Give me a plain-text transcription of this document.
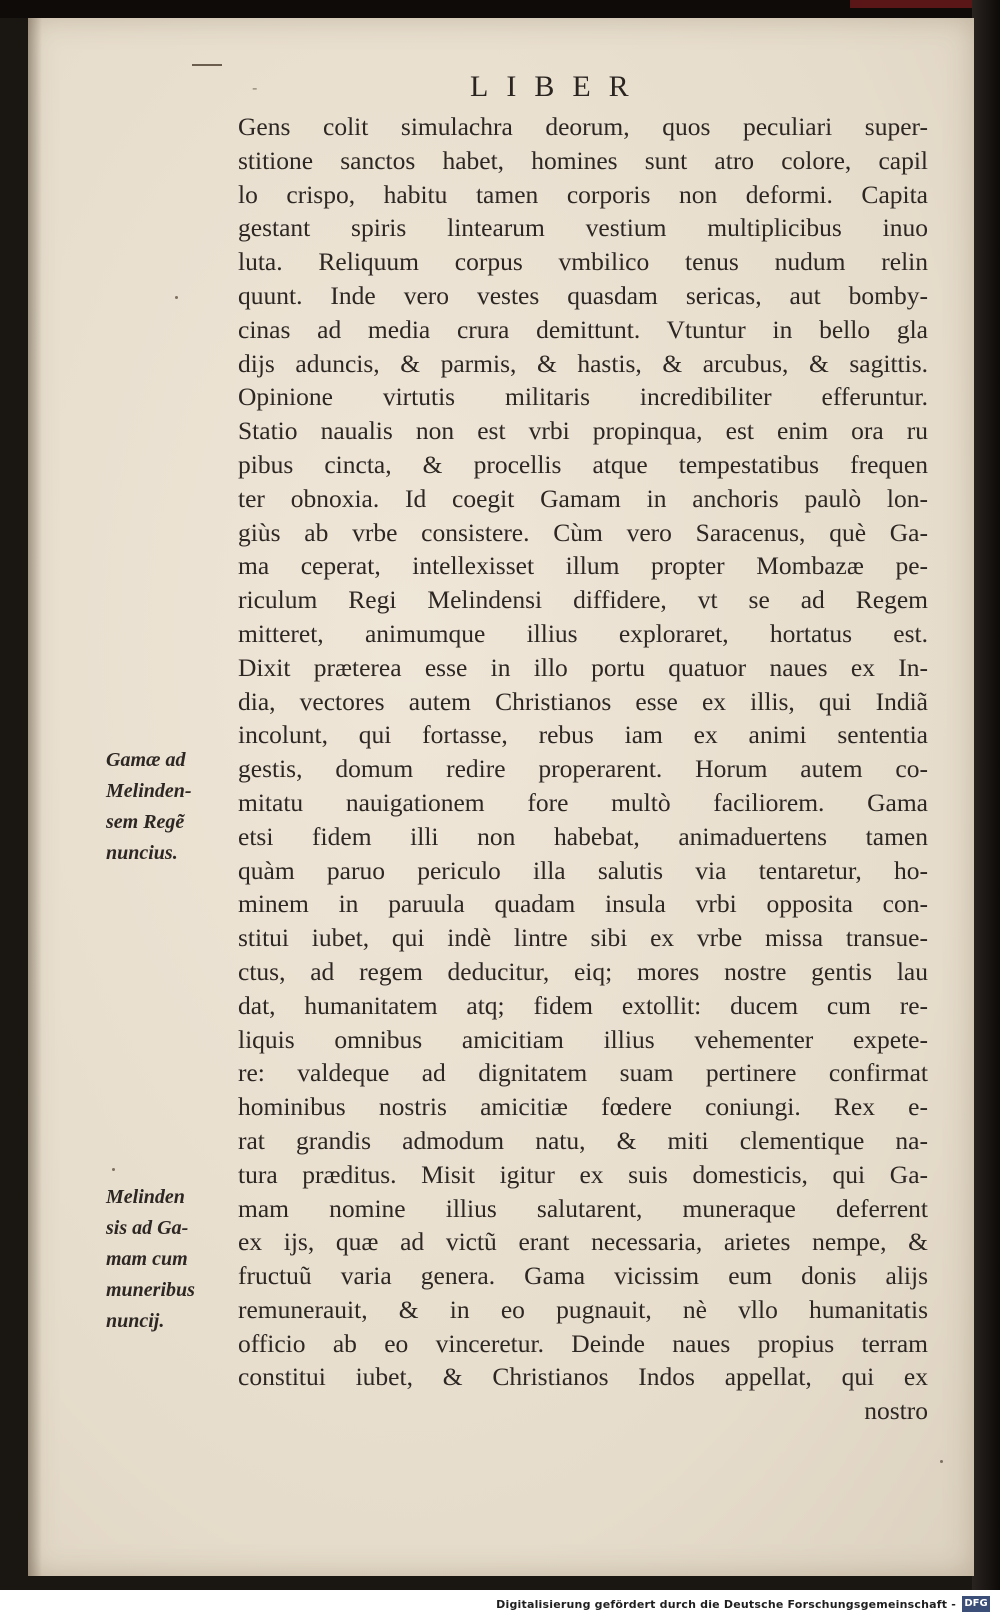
-	LIBER
Gens colit simulachra deorum, quos peculiari super-
stitione sanctos habet, homines sunt atro colore, capil
lo crispo, habitu tamen corporis non deformi. Capita
gestant spiris lintearum vestium multiplicibus inuo
luta. Reliquum corpus vmbilico tenus nudum relin
quunt. Inde vero vestes quasdam sericas, aut bomby-
cinas ad media crura demittunt. Vtuntur in bello gla
dijs aduncis, & parmis, & hastis, & arcubus, & sagittis.
Opinione virtutis militaris incredibiliter efferuntur.
Statio naualis non est vrbi propinqua, est enim ora ru
pibus cincta, & procellis atque tempestatibus frequen
ter obnoxia. Id coegit Gamam in anchoris paulò lon-
giùs ab vrbe consistere. Cùm vero Saracenus, què Ga-
ma ceperat, intellexisset illum propter Mombazæ pe-
riculum Regi Melindensi diffidere, vt se ad Regem
mitteret, animumque illius exploraret, hortatus est.
Dixit præterea esse in illo portu quatuor naues ex In-
dia, vectores autem Christianos esse ex illis, qui Indiã
incolunt, qui fortasse, rebus iam ex animi sententia
gestis, domum redire properarent. Horum autem co-
mitatu nauigationem fore multò faciliorem. Gama
etsi fidem illi non habebat, animaduertens tamen
quàm paruo periculo illa salutis via tentaretur, ho-
minem in paruula quadam insula vrbi opposita con-
stitui iubet, qui indè lintre sibi ex vrbe missa transue-
ctus, ad regem deducitur, eiq; mores nostre gentis lau
dat, humanitatem atq; fidem extollit: ducem cum re-
liquis omnibus amicitiam illius vehementer expete-
re: valdeque ad dignitatem suam pertinere confirmat
hominibus nostris amicitiæ fœdere coniungi. Rex e-
rat grandis admodum natu, & miti clementique na-
tura præditus. Misit igitur ex suis domesticis, qui Ga-
mam nomine illius salutarent, muneraque deferrent
ex ijs, quæ ad victũ erant necessaria, arietes nempe, &
fructuũ varia genera. Gama vicissim eum donis alijs
remunerauit, & in eo pugnauit, nè vllo humanitatis
officio ab eo vinceretur. Deinde naues propius terram
constitui iubet, & Christianos Indos appellat, qui ex
nostro
Gamæ ad
Melinden-
sem Regẽ
nuncius.
Melinden
sis ad Ga-
mam cum
muneribus
nuncij.
Digitalisierung gefördert durch die Deutsche Forschungsgemeinschaft - DFG
